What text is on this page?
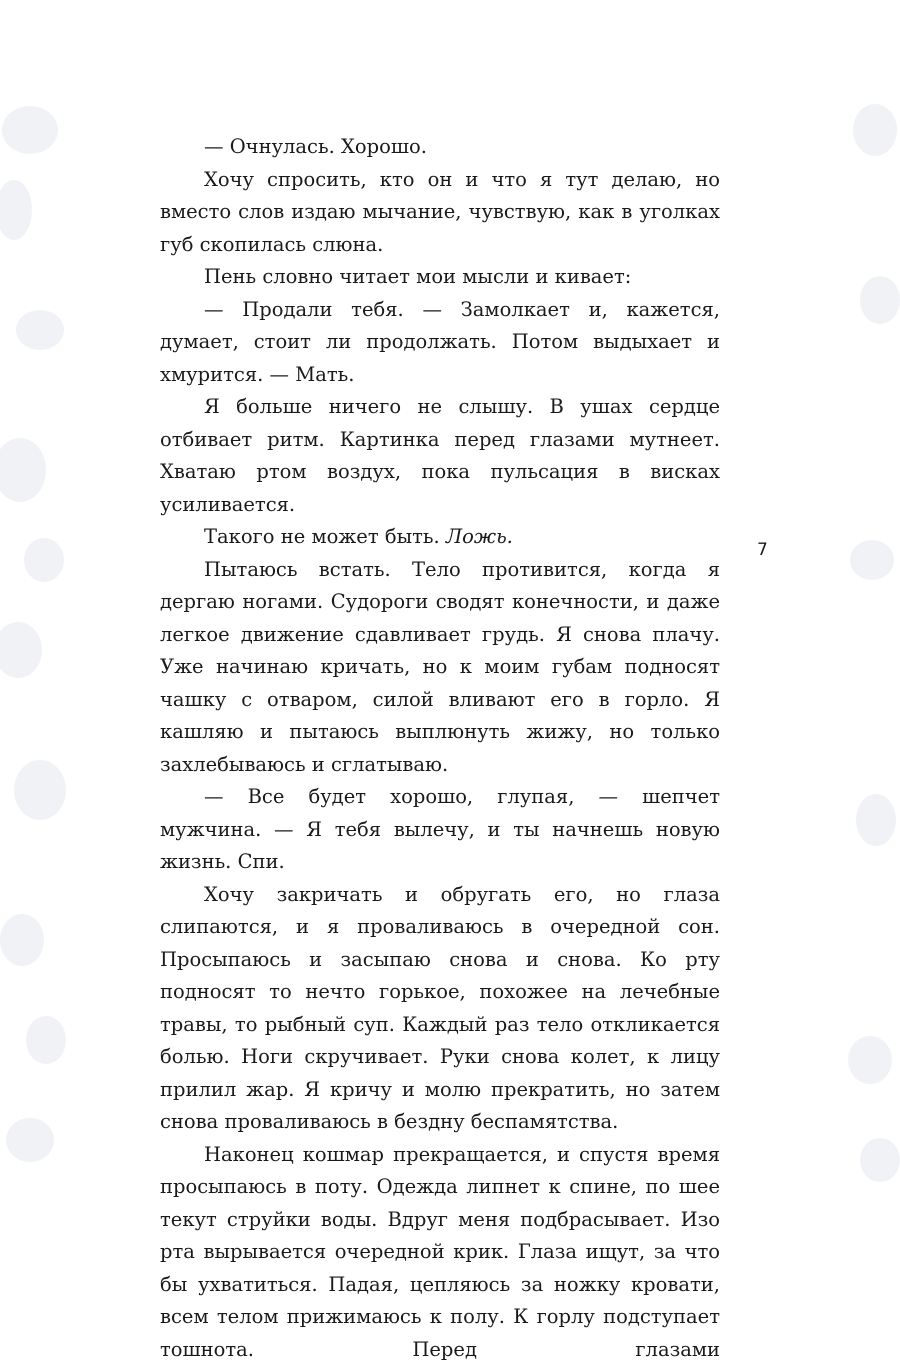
— Очнулась. Хорошо.

Хочу спросить, кто он и что я тут делаю, но вместо слов издаю мычание, чувствую, как в уголках губ скопилась слюна.

Пень словно читает мои мысли и кивает:

— Продали тебя. — Замолкает и, кажется, думает, стоит ли продолжать. Потом выдыхает и хмурится. — Мать.

Я больше ничего не слышу. В ушах сердце отбивает ритм. Картинка перед глазами мутнеет. Хватаю ртом воздух, пока пульсация в висках усиливается.

Такого не может быть. Ложь.

Пытаюсь встать. Тело противится, когда я дергаю ногами. Судороги сводят конечности, и даже легкое движение сдавливает грудь. Я снова плачу. Уже начинаю кричать, но к моим губам подносят чашку с отваром, силой вливают его в горло. Я кашляю и пытаюсь выплюнуть жижу, но только захлебываюсь и сглатываю.

— Все будет хорошо, глупая, — шепчет мужчина. — Я тебя вылечу, и ты начнешь новую жизнь. Спи.

Хочу закричать и обругать его, но глаза слипаются, и я проваливаюсь в очередной сон. Просыпаюсь и засыпаю снова и снова. Ко рту подносят то нечто горькое, похожее на лечебные травы, то рыбный суп. Каждый раз тело откликается болью. Ноги скручивает. Руки снова колет, к лицу прилил жар. Я кричу и молю прекратить, но затем снова проваливаюсь в бездну беспамятства.

Наконец кошмар прекращается, и спустя время просыпаюсь в поту. Одежда липнет к спине, по шее текут струйки воды. Вдруг меня подбрасывает. Изо рта вырывается очередной крик. Глаза ищут, за что бы ухватиться. Падая, цепляюсь за ножку кровати, всем телом прижимаюсь к полу. К горлу подступает тошнота. Перед глазами

7
